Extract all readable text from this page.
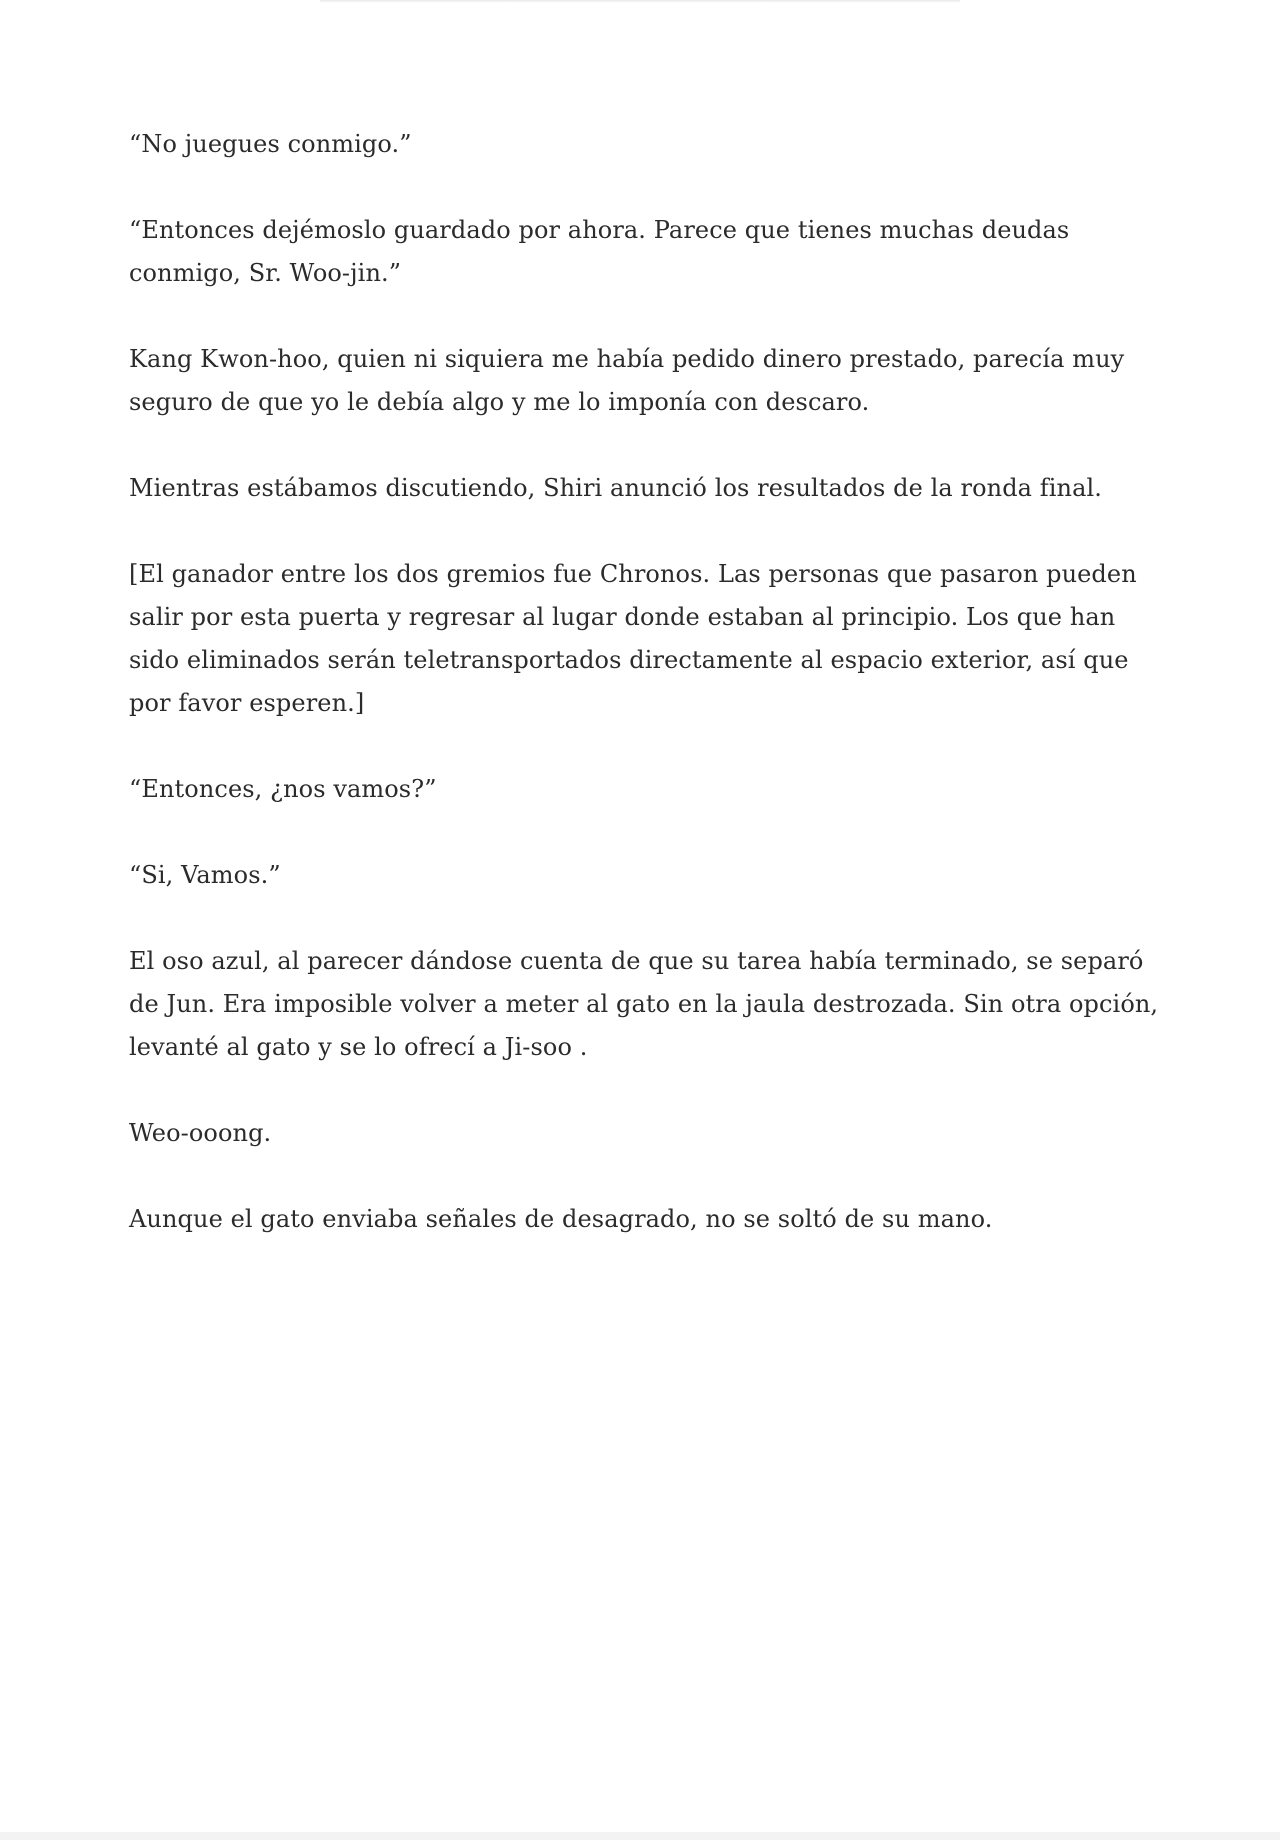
“No juegues conmigo.”

“Entonces dejémoslo guardado por ahora. Parece que tienes muchas deudas conmigo, Sr. Woo-jin.”

Kang Kwon-hoo, quien ni siquiera me había pedido dinero prestado, parecía muy seguro de que yo le debía algo y me lo imponía con descaro.

Mientras estábamos discutiendo, Shiri anunció los resultados de la ronda final.

[El ganador entre los dos gremios fue Chronos. Las personas que pasaron pueden salir por esta puerta y regresar al lugar donde estaban al principio. Los que han sido eliminados serán teletransportados directamente al espacio exterior, así que por favor esperen.]

“Entonces, ¿nos vamos?”

“Si, Vamos.”

El oso azul, al parecer dándose cuenta de que su tarea había terminado, se separó de Jun. Era imposible volver a meter al gato en la jaula destrozada. Sin otra opción, levanté al gato y se lo ofrecí a Ji-soo .

Weo-ooong.

Aunque el gato enviaba señales de desagrado, no se soltó de su mano.
